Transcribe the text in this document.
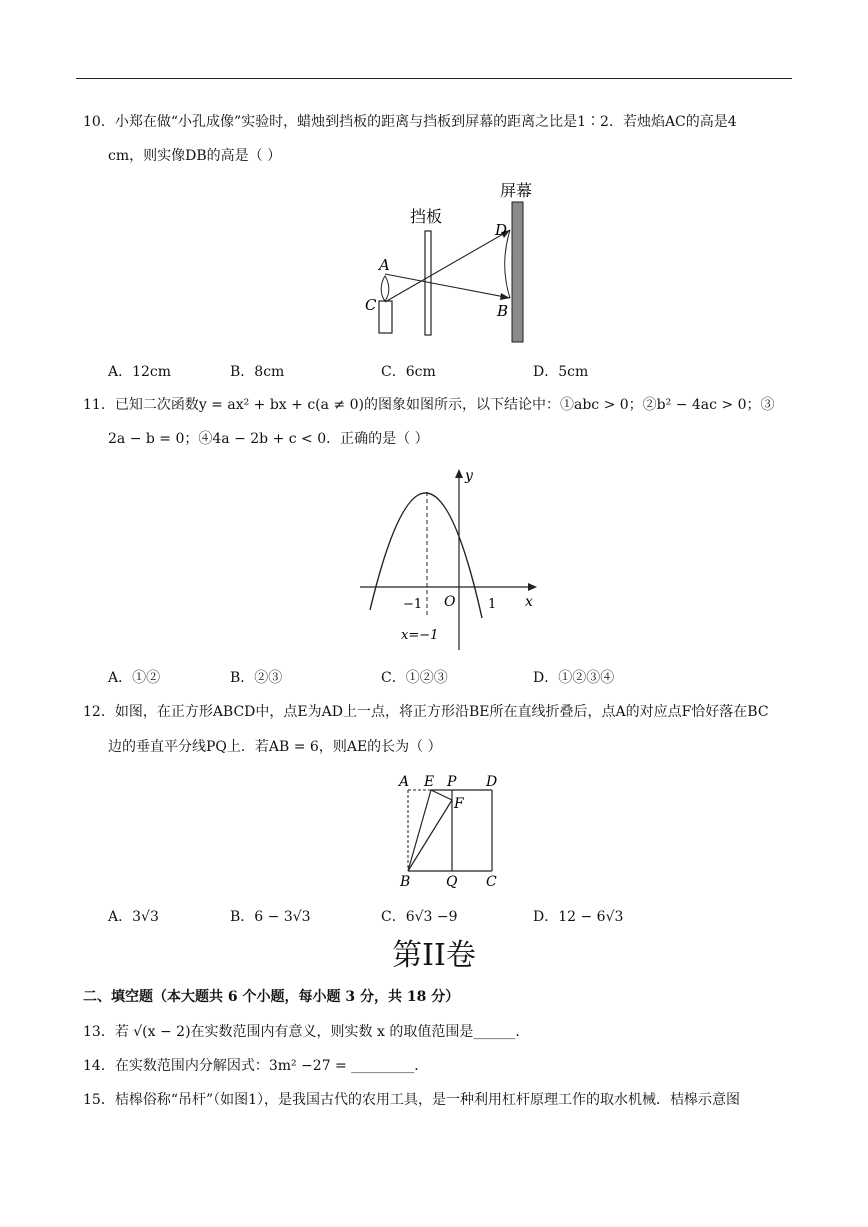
10．小郑在做“小孔成像”实验时，蜡烛到挡板的距离与挡板到屏幕的距离之比是1∶2．若烛焰AC的高是4
cm，则实像DB的高是（ ）
屏幕
挡板
A
C
D
B
A．12cm	B．8cm	C．6cm	D．5cm
11．已知二次函数y = ax² + bx + c(a ≠ 0)的图象如图所示，以下结论中：①abc > 0；②b² − 4ac > 0；③
2a − b = 0；④4a − 2b + c < 0．正确的是（ ）
y
x
O
−1	1
x=−1
A．①②	B．②③	C．①②③	D．①②③④
12．如图，在正方形ABCD中，点E为AD上一点，将正方形沿BE所在直线折叠后，点A的对应点F恰好落在BC
边的垂直平分线PQ上．若AB = 6，则AE的长为（ ）
A E P D
F
B	Q C
A．3√3	B．6 − 3√3	C．6√3 −9	D．12 − 6√3
第II卷
二、填空题（本大题共 6 个小题，每小题 3 分，共 18 分）
13．若 √(x − 2)在实数范围内有意义，则实数 x 的取值范围是______．
14．在实数范围内分解因式：3m² −27 = _________．
15．桔槔俗称“吊杆”（如图1），是我国古代的农用工具，是一种利用杠杆原理工作的取水机械．桔槔示意图
